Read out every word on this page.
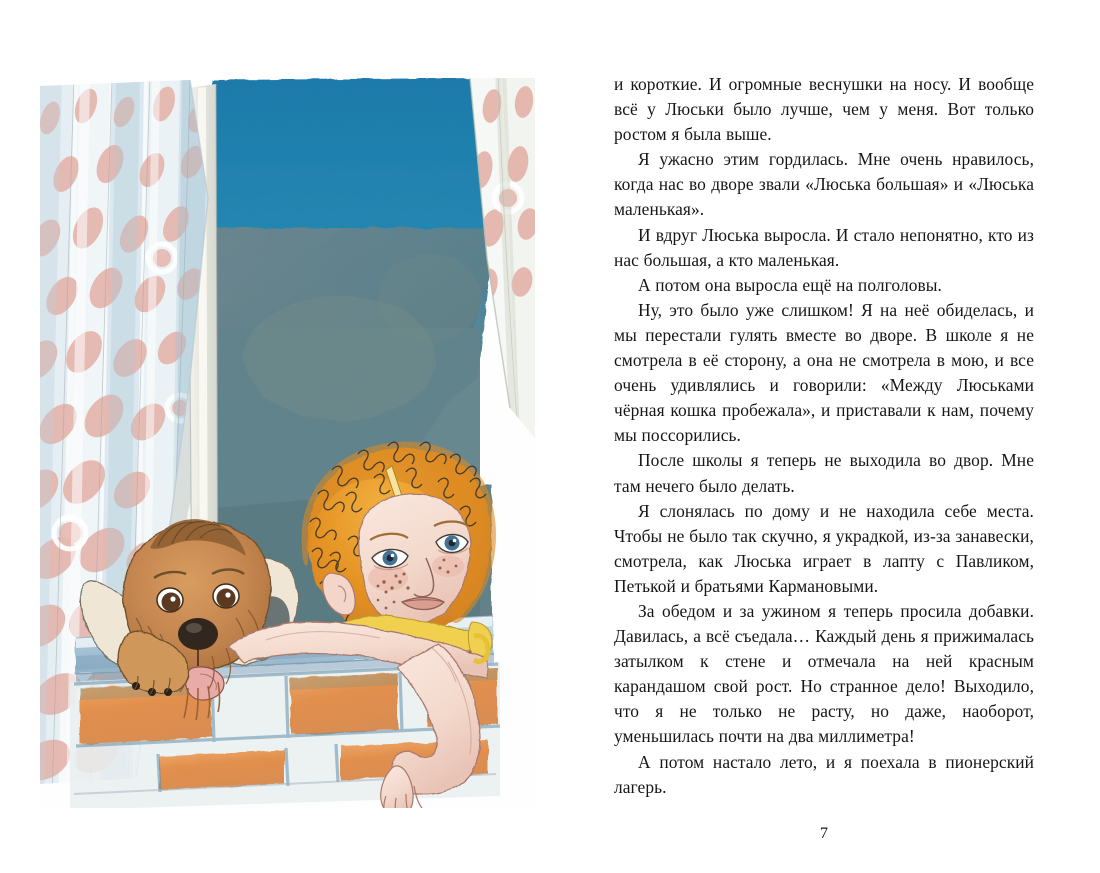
и короткие. И огромные веснушки на носу. И вообще всё у Люськи было лучше, чем у меня. Вот только ростом я была выше.

Я ужасно этим гордилась. Мне очень нравилось, когда нас во дворе звали «Люська большая» и «Люська маленькая».

И вдруг Люська выросла. И стало непонятно, кто из нас большая, а кто маленькая.

А потом она выросла ещё на полголовы.

Ну, это было уже слишком! Я на неё обиделась, и мы перестали гулять вместе во дворе. В школе я не смотрела в её сторону, а она не смотрела в мою, и все очень удивлялись и говорили: «Между Люськами чёрная кошка пробежала», и приставали к нам, почему мы поссорились.

После школы я теперь не выходила во двор. Мне там нечего было делать.

Я слонялась по дому и не находила себе места. Чтобы не было так скучно, я украдкой, из-за занавески, смотрела, как Люська играет в лапту с Павликом, Петькой и братьями Кармановыми.

За обедом и за ужином я теперь просила добавки. Давилась, а всё съедала… Каждый день я прижималась затылком к стене и отмечала на ней красным карандашом свой рост. Но странное дело! Выходило, что я не только не расту, но даже, наоборот, уменьшилась почти на два миллиметра!

А потом настало лето, и я поехала в пионерский лагерь.

7
